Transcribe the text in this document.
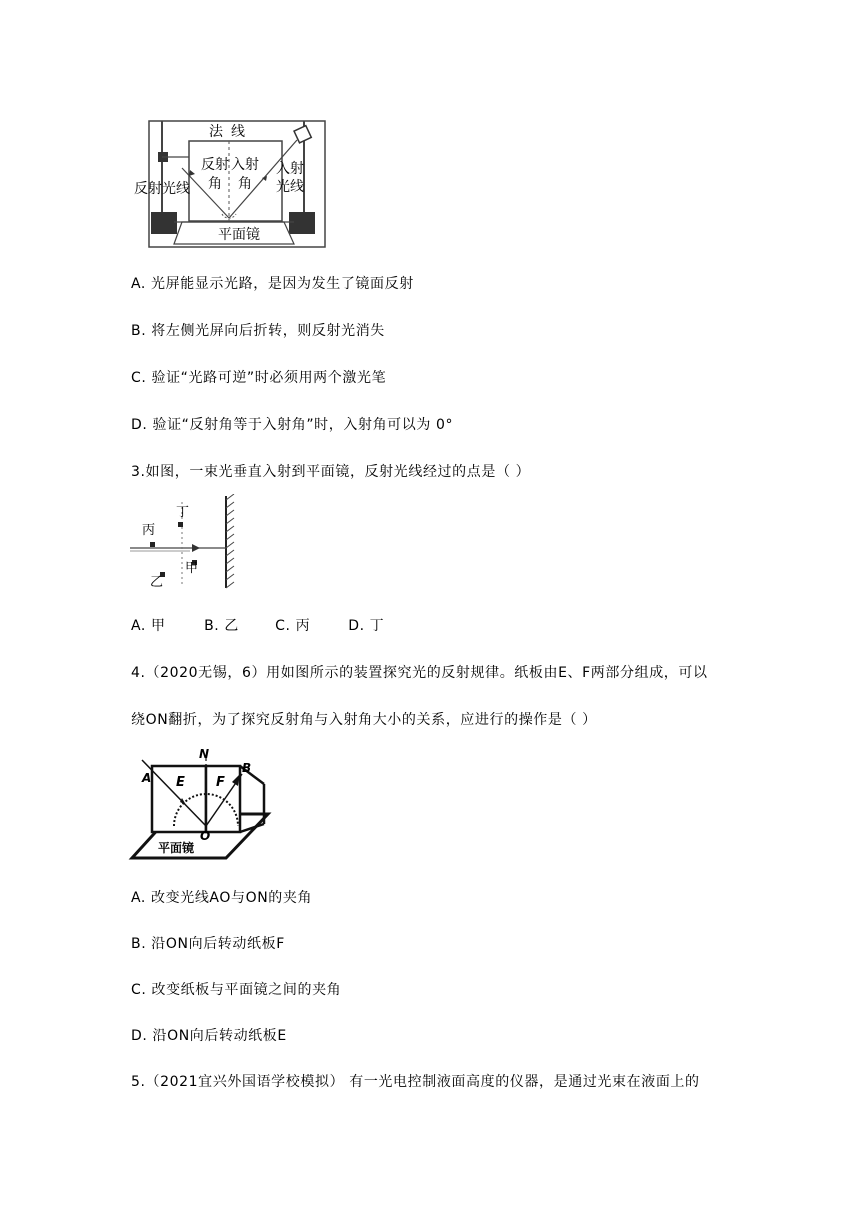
法 线
反射
角
入射
角
反射光线
入射
光线
平面镜
A. 光屏能显示光路，是因为发生了镜面反射
B. 将左侧光屏向后折转，则反射光消失
C. 验证“光路可逆”时必须用两个激光笔
D. 验证“反射角等于入射角”时，入射角可以为 0°
3.如图，一束光垂直入射到平面镜，反射光线经过的点是（ ）
丁
丙
甲
乙
A. 甲	B. 乙	C. 丙	D. 丁
4.（2020无锡，6）用如图所示的装置探究光的反射规律。纸板由E、F两部分组成，可以
绕ON翻折，为了探究反射角与入射角大小的关系，应进行的操作是（ ）
A
N
B
E F
O
平面镜
A. 改变光线AO与ON的夹角
B. 沿ON向后转动纸板F
C. 改变纸板与平面镜之间的夹角
D. 沿ON向后转动纸板E
5.（2021宜兴外国语学校模拟） 有一光电控制液面高度的仪器，是通过光束在液面上的
